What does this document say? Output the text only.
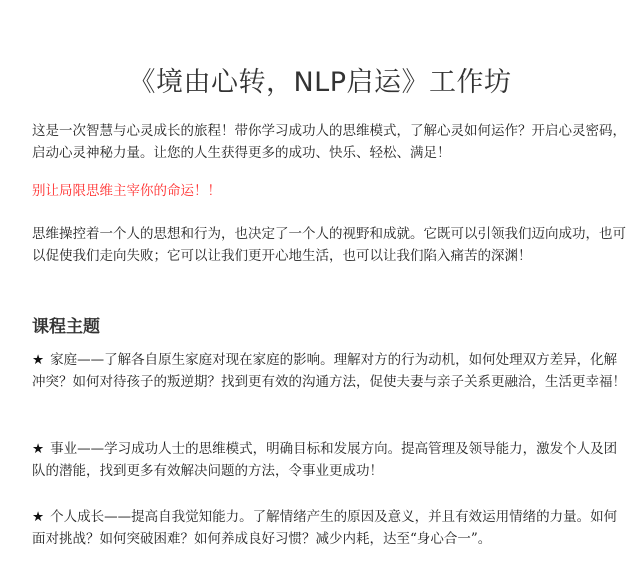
《境由心转，NLP启运》工作坊

这是一次智慧与心灵成长的旅程！带你学习成功人的思维模式，了解心灵如何运作？开启心灵密码，启动心灵神秘力量。让您的人生获得更多的成功、快乐、轻松、满足！

别让局限思维主宰你的命运！！

思维操控着一个人的思想和行为，也决定了一个人的视野和成就。它既可以引领我们迈向成功，也可以促使我们走向失败；它可以让我们更开心地生活，也可以让我们陷入痛苦的深渊！

课程主题

★ 家庭——了解各自原生家庭对现在家庭的影响。理解对方的行为动机，如何处理双方差异，化解冲突？如何对待孩子的叛逆期？找到更有效的沟通方法，促使夫妻与亲子关系更融洽，生活更幸福！

★ 事业——学习成功人士的思维模式，明确目标和发展方向。提高管理及领导能力，激发个人及团队的潜能，找到更多有效解决问题的方法，令事业更成功！

★ 个人成长——提高自我觉知能力。了解情绪产生的原因及意义，并且有效运用情绪的力量。如何面对挑战？如何突破困难？如何养成良好习惯？减少内耗，达至“身心合一”。
